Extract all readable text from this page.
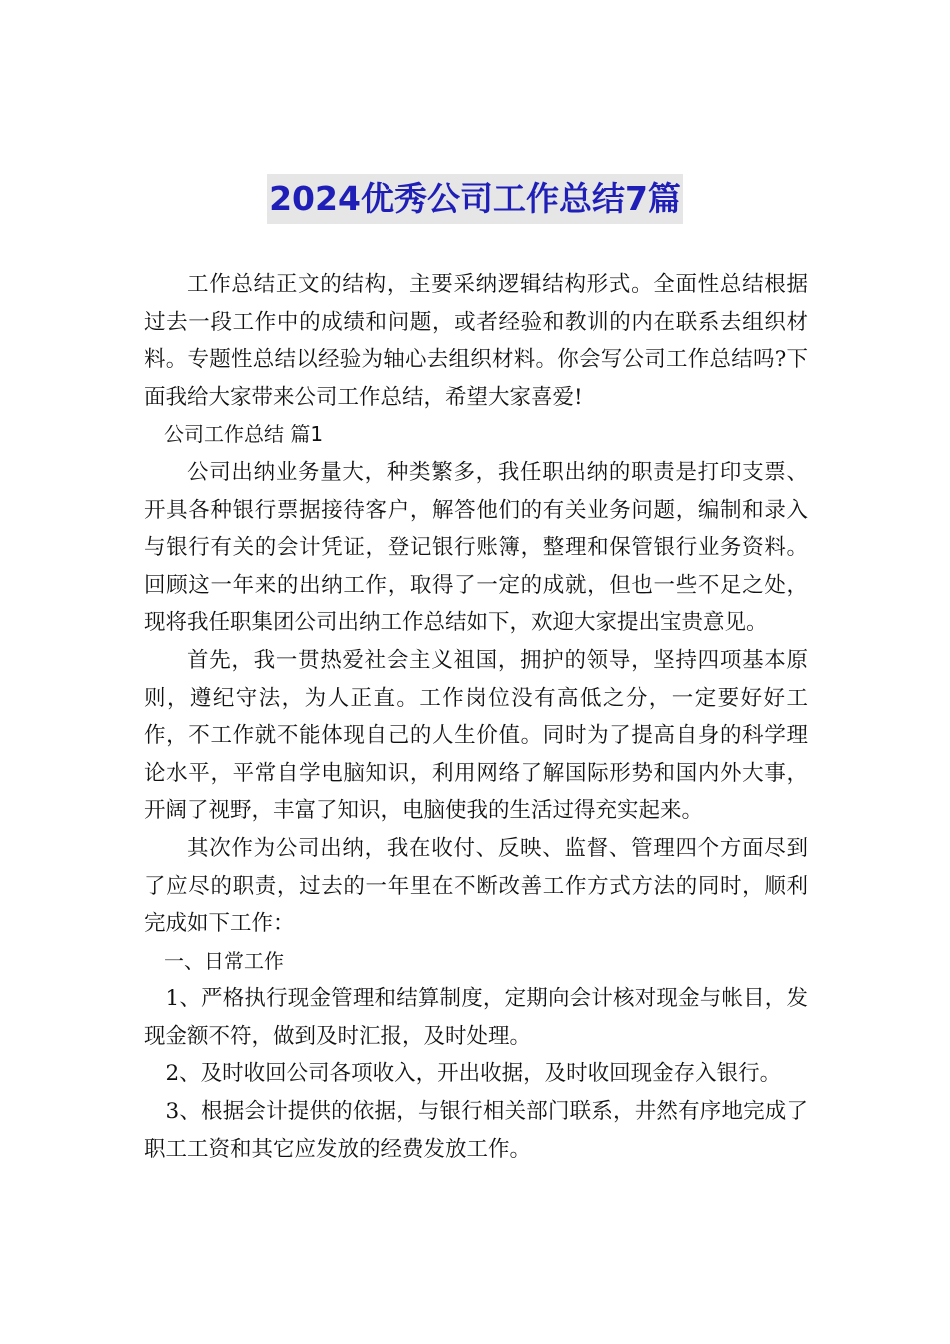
2024优秀公司工作总结7篇

工作总结正文的结构，主要采纳逻辑结构形式。全面性总结根据过去一段工作中的成绩和问题，或者经验和教训的内在联系去组织材料。专题性总结以经验为轴心去组织材料。你会写公司工作总结吗?下面我给大家带来公司工作总结，希望大家喜爱!

公司工作总结 篇1

公司出纳业务量大，种类繁多，我任职出纳的职责是打印支票、开具各种银行票据接待客户，解答他们的有关业务问题，编制和录入与银行有关的会计凭证，登记银行账簿，整理和保管银行业务资料。回顾这一年来的出纳工作，取得了一定的成就，但也一些不足之处，现将我任职集团公司出纳工作总结如下，欢迎大家提出宝贵意见。

首先，我一贯热爱社会主义祖国，拥护的领导，坚持四项基本原则，遵纪守法，为人正直。工作岗位没有高低之分，一定要好好工作，不工作就不能体现自己的人生价值。同时为了提高自身的科学理论水平，平常自学电脑知识，利用网络了解国际形势和国内外大事，开阔了视野，丰富了知识，电脑使我的生活过得充实起来。

其次作为公司出纳，我在收付、反映、监督、管理四个方面尽到了应尽的职责，过去的一年里在不断改善工作方式方法的同时，顺利完成如下工作：

一、日常工作

1、严格执行现金管理和结算制度，定期向会计核对现金与帐目，发现金额不符，做到及时汇报，及时处理。

2、及时收回公司各项收入，开出收据，及时收回现金存入银行。

3、根据会计提供的依据，与银行相关部门联系，井然有序地完成了职工工资和其它应发放的经费发放工作。
